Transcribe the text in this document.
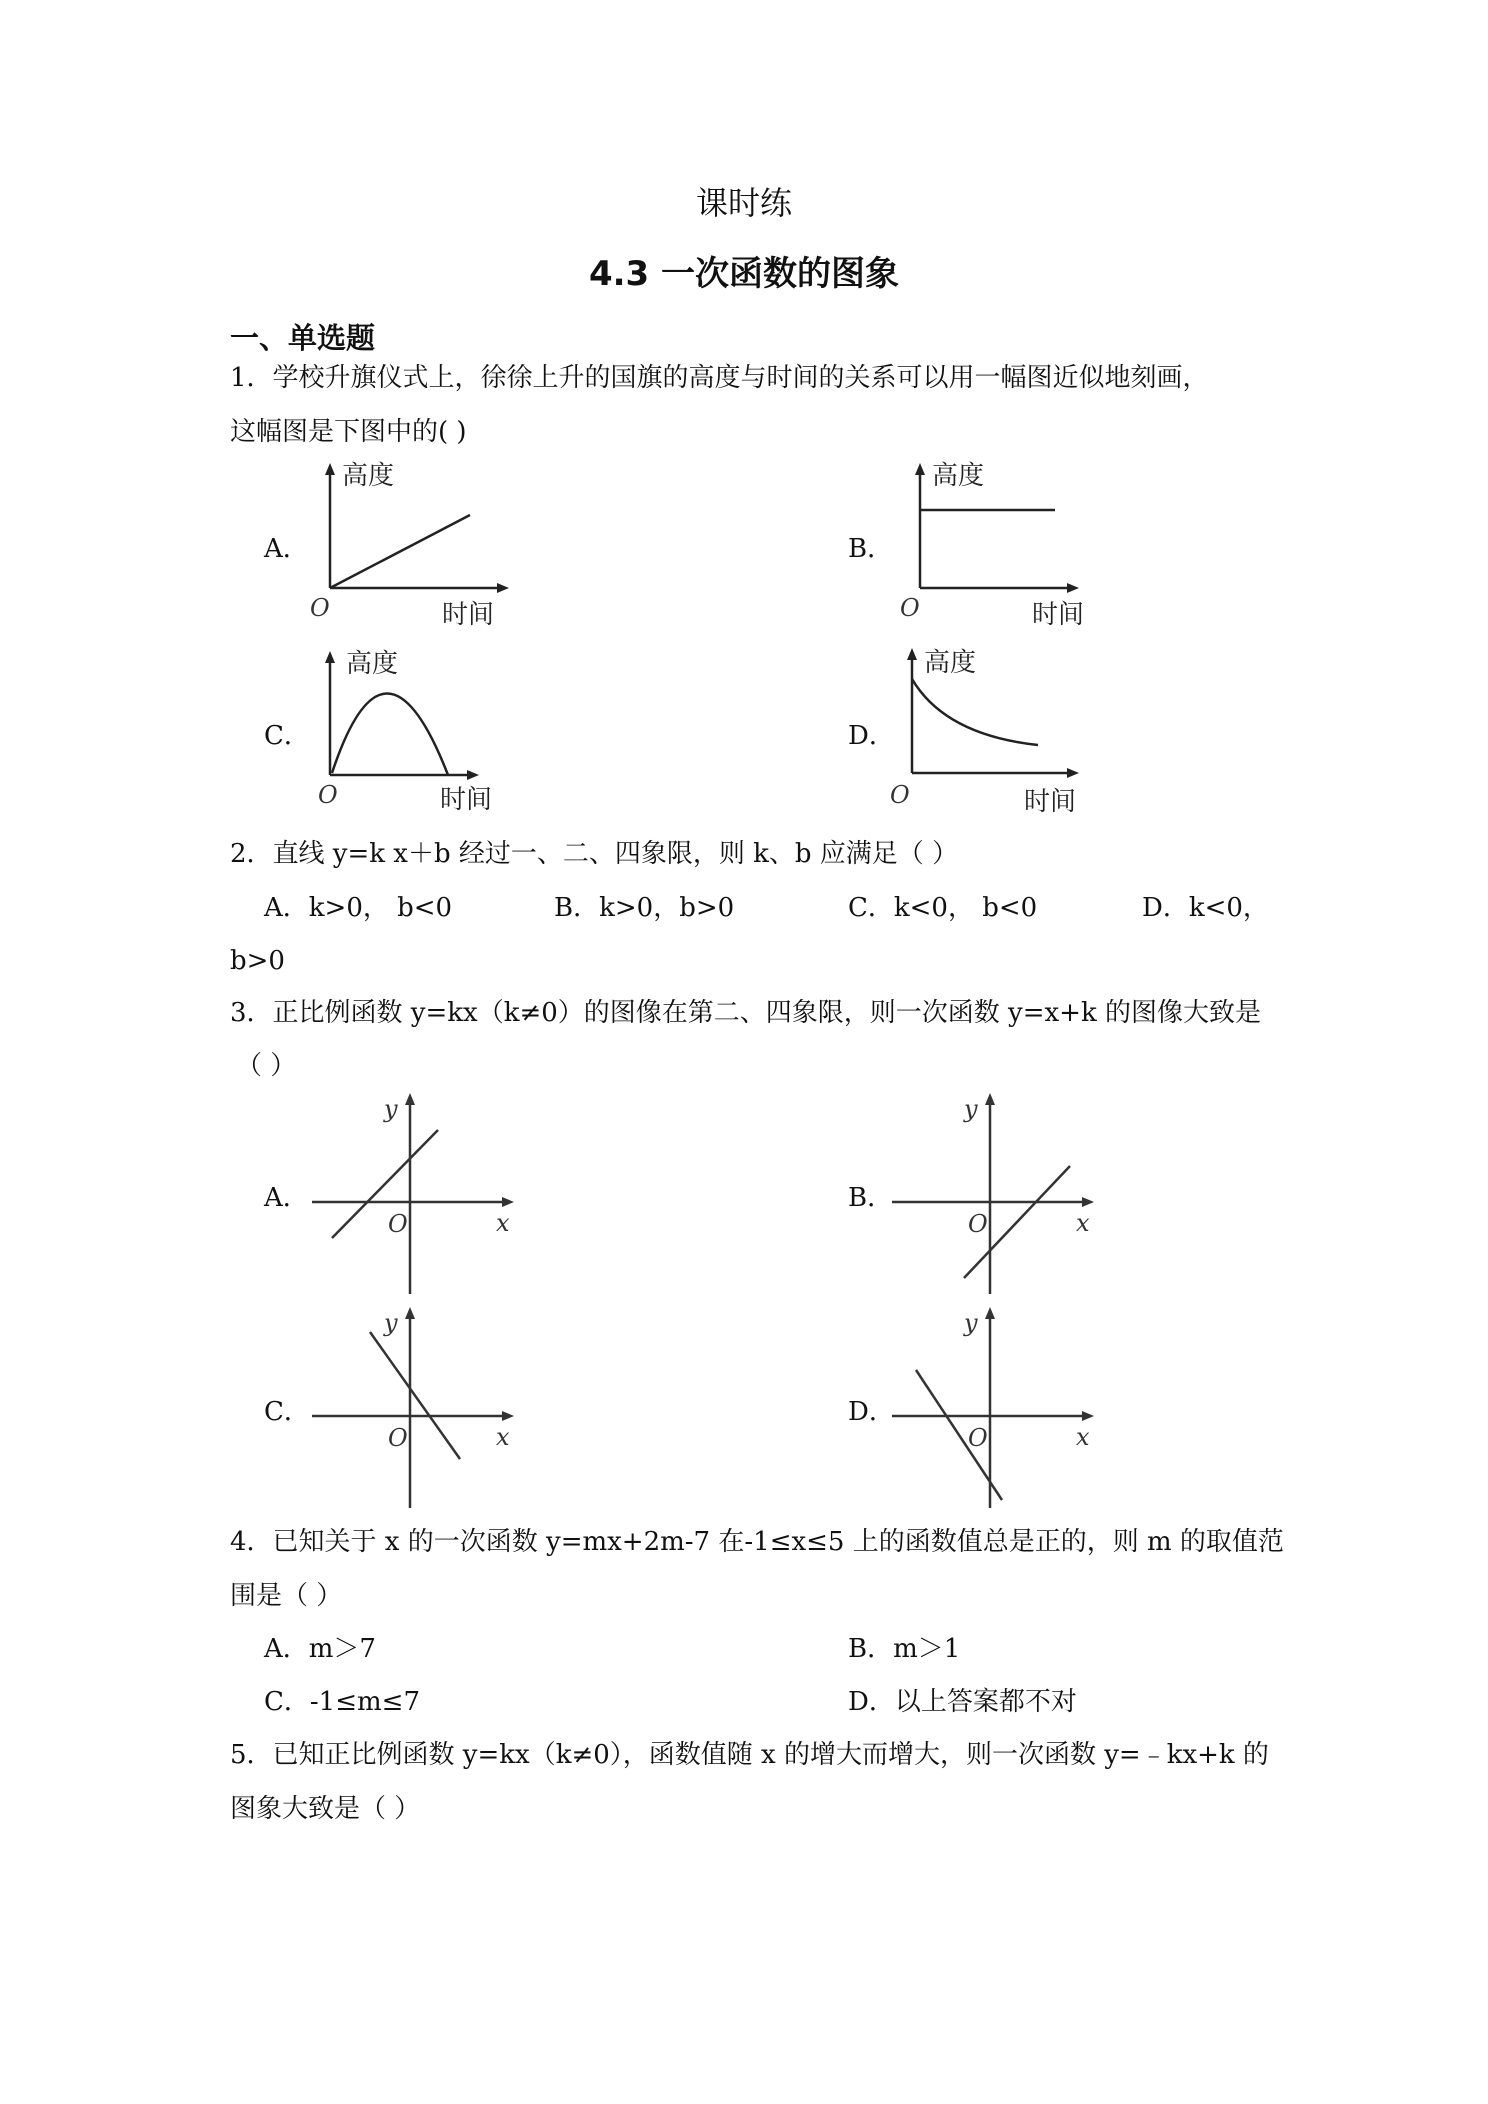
课时练
4.3 一次函数的图象
一、单选题
1．学校升旗仪式上，徐徐上升的国旗的高度与时间的关系可以用一幅图近似地刻画，
这幅图是下图中的( )
A．
高度
时间
O
B．
高度
时间
O
C．
高度
时间
O
D．
高度
时间
O
2．直线 y=k x＋b 经过一、二、四象限，则 k、b 应满足（ ）
A．k>0， b<0	B．k>0，b>0	C．k<0， b<0	D．k<0，
b>0
3．正比例函数 y=kx（k≠0）的图像在第二、四象限，则一次函数 y=x+k 的图像大致是
（ ）
A．
y
x
O
B．
y
x
O
C．
y
x
O
D．
y
x
O
4．已知关于 x 的一次函数 y=mx+2m-7 在-1≤x≤5 上的函数值总是正的，则 m 的取值范
围是（ ）
A．m＞7	B．m＞1
C．-1≤m≤7	D．以上答案都不对
5．已知正比例函数 y=kx（k≠0），函数值随 x 的增大而增大，则一次函数 y=﹣kx+k 的
图象大致是（ ）
